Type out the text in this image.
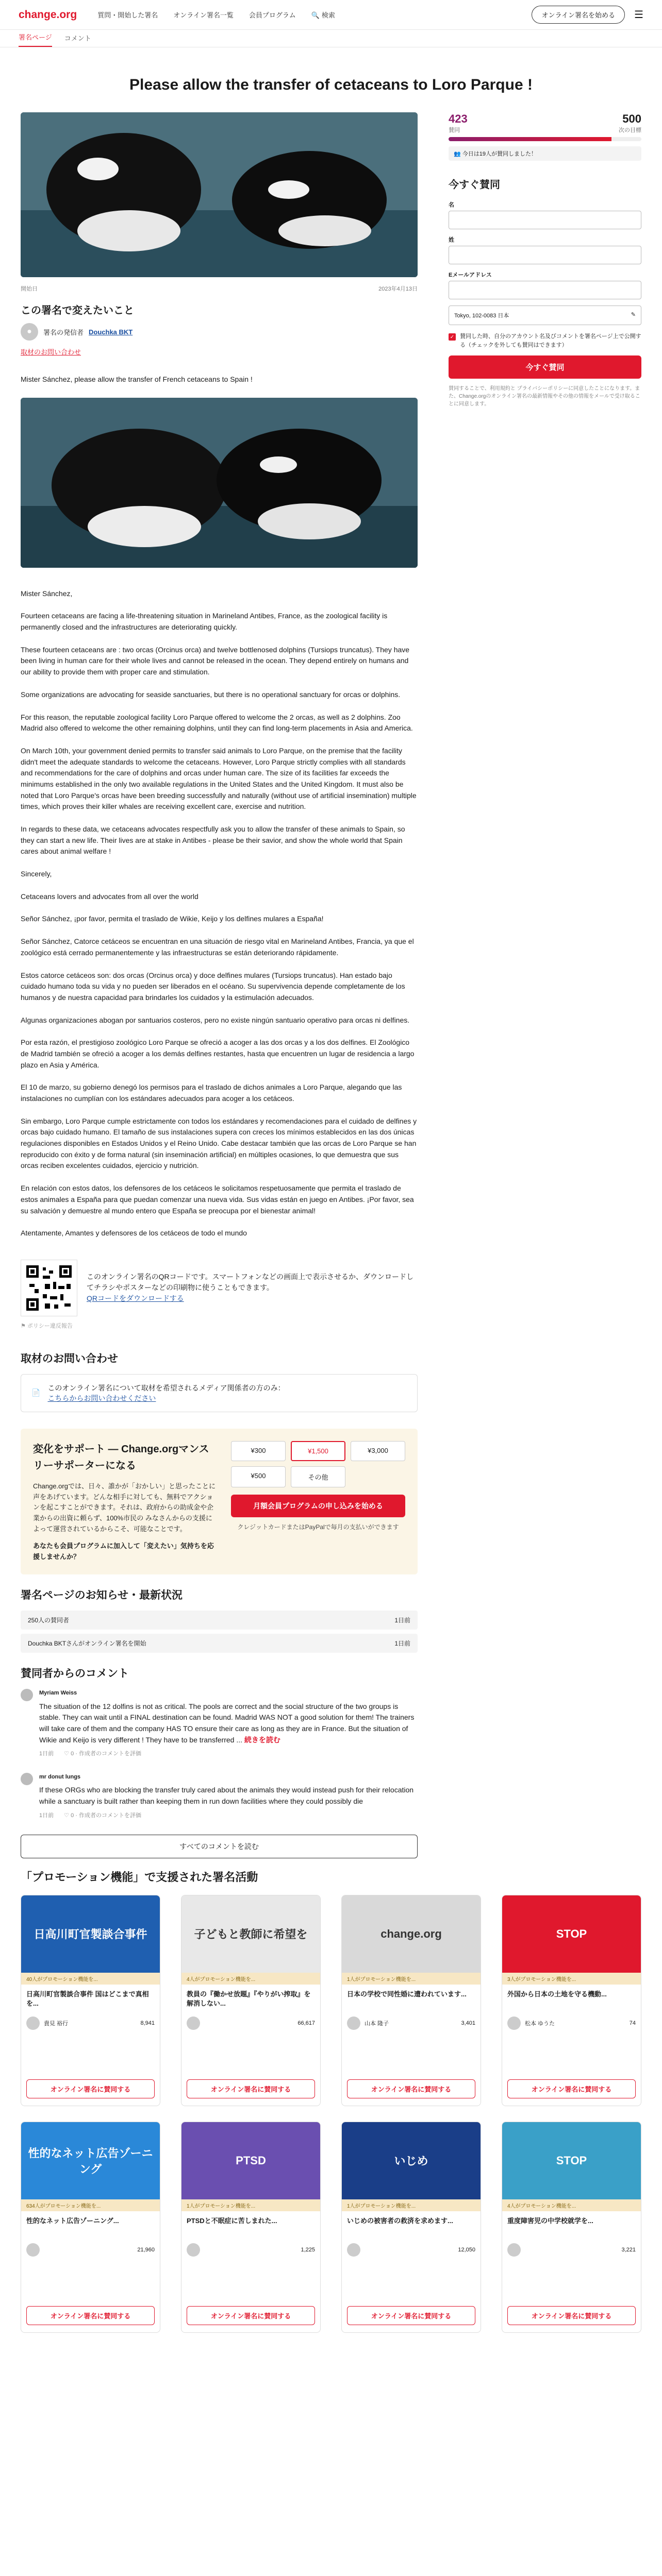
change.org	質問・開始した署名 オンライン署名一覧 会員プログラム 🔍 検索	オンライン署名を始める	☰
署名ページ コメント
Please allow the transfer of cetaceans to Loro Parque !
開始日	2023年4月13日
この署名で変えたいこと
●	署名の発信者 Douchka BKT
取材のお問い合わせ

Mister Sánchez, please allow the transfer of French cetaceans to Spain !

Mister Sánchez,

Fourteen cetaceans are facing a life-threatening situation in Marineland Antibes, France, as the zoological facility is permanently closed and the infrastructures are deteriorating quickly.

These fourteen cetaceans are : two orcas (Orcinus orca) and twelve bottlenosed dolphins (Tursiops truncatus). They have been living in human care for their whole lives and cannot be released in the ocean. They depend entirely on humans and our ability to provide them with proper care and stimulation.

Some organizations are advocating for seaside sanctuaries, but there is no operational sanctuary for orcas or dolphins.

For this reason, the reputable zoological facility Loro Parque offered to welcome the 2 orcas, as well as 2 dolphins. Zoo Madrid also offered to welcome the other remaining dolphins, until they can find long-term placements in Asia and America.

On March 10th, your government denied permits to transfer said animals to Loro Parque, on the premise that the facility didn't meet the adequate standards to welcome the cetaceans. However, Loro Parque strictly complies with all standards and recommendations for the care of dolphins and orcas under human care. The size of its facilities far exceeds the minimums established in the only two available regulations in the United States and the United Kingdom. It must also be noted that Loro Parque's orcas have been breeding successfully and naturally (without use of artificial insemination) multiple times, which proves their killer whales are receiving excellent care, exercise and nutrition.

In regards to these data, we cetaceans advocates respectfully ask you to allow the transfer of these animals to Spain, so they can start a new life. Their lives are at stake in Antibes - please be their savior, and show the whole world that Spain cares about animal welfare !

Sincerely,

Cetaceans lovers and advocates from all over the world

Señor Sánchez, ¡por favor, permita el traslado de Wikie, Keijo y los delfines mulares a España!

Señor Sánchez, Catorce cetáceos se encuentran en una situación de riesgo vital en Marineland Antibes, Francia, ya que el zoológico está cerrado permanentemente y las infraestructuras se están deteriorando rápidamente.

Estos catorce cetáceos son: dos orcas (Orcinus orca) y doce delfines mulares (Tursiops truncatus). Han estado bajo cuidado humano toda su vida y no pueden ser liberados en el océano. Su supervivencia depende completamente de los humanos y de nuestra capacidad para brindarles los cuidados y la estimulación adecuados.

Algunas organizaciones abogan por santuarios costeros, pero no existe ningún santuario operativo para orcas ni delfines.

Por esta razón, el prestigioso zoológico Loro Parque se ofreció a acoger a las dos orcas y a los dos delfines. El Zoológico de Madrid también se ofreció a acoger a los demás delfines restantes, hasta que encuentren un lugar de residencia a largo plazo en Asia y América.

El 10 de marzo, su gobierno denegó los permisos para el traslado de dichos animales a Loro Parque, alegando que las instalaciones no cumplían con los estándares adecuados para acoger a los cetáceos.

Sin embargo, Loro Parque cumple estrictamente con todos los estándares y recomendaciones para el cuidado de delfines y orcas bajo cuidado humano. El tamaño de sus instalaciones supera con creces los mínimos establecidos en las dos únicas regulaciones disponibles en Estados Unidos y el Reino Unido. Cabe destacar también que las orcas de Loro Parque se han reproducido con éxito y de forma natural (sin inseminación artificial) en múltiples ocasiones, lo que demuestra que sus orcas reciben excelentes cuidados, ejercicio y nutrición.

En relación con estos datos, los defensores de los cetáceos le solicitamos respetuosamente que permita el traslado de estos animales a España para que puedan comenzar una nueva vida. Sus vidas están en juego en Antibes. ¡Por favor, sea su salvación y demuestre al mundo entero que España se preocupa por el bienestar animal!

Atentamente, Amantes y defensores de los cetáceos de todo el mundo

このオンライン署名のQRコードです。スマートフォンなどの画面上で表示させるか、ダウンロードしてチラシやポスターなどの印刷物に使うこともできます。
QRコードをダウンロードする
⚑ ポリシー違反報告
取材のお問い合わせ
📄
このオンライン署名について取材を希望されるメディア関係者の方のみ：
こちらからお問い合わせください
変化をサポート — Change.orgマンスリーサポーターになる
Change.orgでは、日々、誰かが「おかしい」と思ったことに声をあげています。どんな相手に対しても、無料でアクションを起こすことができます。それは、政府からの助成金や企業からの出資に頼らず、100%市民の みなさんからの支援によって運営されているからこそ、可能なことです。
あなたも会員プログラムに加入して「変えたい」気持ちを応援しませんか？
¥300	¥1,500	¥3,000
¥500	その他
月額会員プログラムの申し込みを始める
クレジットカードまたはPayPalで毎月の支払いができます
署名ページのお知らせ・最新状況
250人の賛同者	1日前
Douchka BKTさんがオンライン署名を開始	1日前
賛同者からのコメント
Myriam Weiss
The situation of the 12 dolfins is not as critical. The pools are correct and the social structure of the two groups is stable. They can wait until a FINAL destination can be found. Madrid WAS NOT a good solution for them! The trainers will take care of them and the company HAS TO ensure their care as long as they are in France. But the situation of Wikie and Keijo is very different ! They have to be transferred ... 続きを読む
1日前 ♡ 0 · 作成者のコメントを評価
mr donut lungs
If these ORGs who are blocking the transfer truly cared about the animals they would instead push for their relocation while a sanctuary is built rather than keeping them in run down facilities where they could possibly die
1日前 ♡ 0 · 作成者のコメントを評価
すべてのコメントを読む
423
賛同
500
次の目標
👥 今日は19人が賛同しました！
今すぐ賛同
名
姓
Eメールアドレス
Tokyo, 102-0083 日本	✎
✓ 賛同した時、自分のアカウント名及びコメントを署名ページ上で公開する（チェックを外しても賛同はできます）
今すぐ賛同
賛同することで、利用規約と プライバシーポリシーに同意したことになります。また、Change.orgのオンライン署名の最新情報やその他の情報をメールで受け取ることに同意します。
「プロモーション機能」で支援された署名活動
日高川町官製談合事件
40人がプロモーション機能を...
日高川町官製談合事件 国はどこまで真相を...
貴見 裕行	8,941
オンライン署名に賛同する
子どもと教師に希望を
4人がプロモーション機能を...
教員の『働かせ放題』『やりがい搾取』を解消しない...
66,617
オンライン署名に賛同する
change.org
1人がプロモーション機能を...
日本の学校で同性婚に遭われています...
山本 隆子	3,401
オンライン署名に賛同する
STOP
3人がプロモーション機能を...
外国から日本の土地を守る機動...
松本 ゆうた	74
オンライン署名に賛同する
性的なネット広告ゾーニング
634人がプロモーション機能を...
性的なネット広告ゾーニング...
21,960
オンライン署名に賛同する
PTSD
1人がプロモーション機能を...
PTSDと不眠症に苦しまれた...
1,225
オンライン署名に賛同する
いじめ
1人がプロモーション機能を...
いじめの被害者の救済を求めます...
12,050
オンライン署名に賛同する
STOP
4人がプロモーション機能を...
重度障害児の中学校就学を...
3,221
オンライン署名に賛同する
